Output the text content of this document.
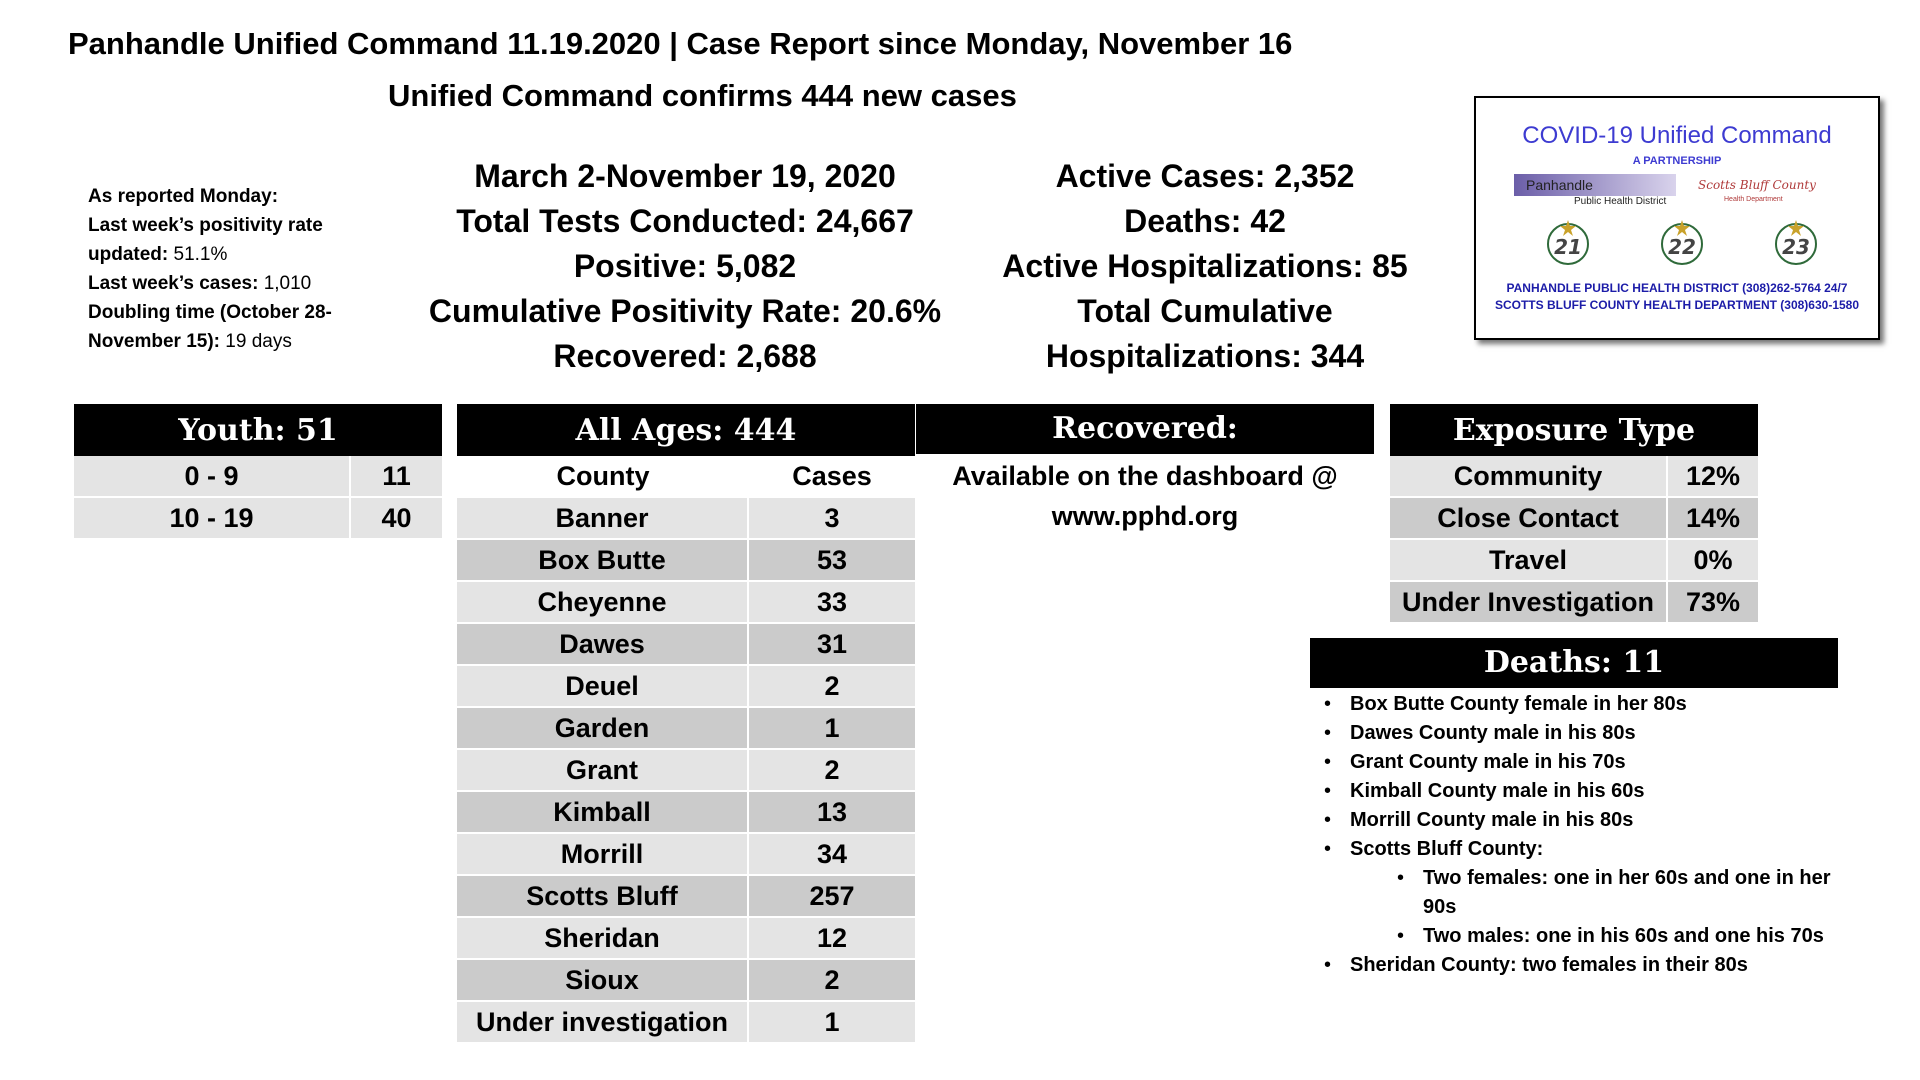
Panhandle Unified Command 11.19.2020 | Case Report since Monday, November 16
Unified Command confirms 444 new cases
As reported Monday:
Last week’s positivity rate updated: 51.1%
Last week’s cases: 1,010
Doubling time (October 28-November 15): 19 days
March 2-November 19, 2020
Total Tests Conducted: 24,667
Positive: 5,082
Cumulative Positivity Rate: 20.6%
Recovered: 2,688
Active Cases: 2,352
Deaths: 42
Active Hospitalizations: 85
Total Cumulative
Hospitalizations: 344
COVID-19 Unified Command
A PARTNERSHIP
Panhandle
Public Health District
Scotts Bluff County
Health Department
21	22	23
PANHANDLE PUBLIC HEALTH DISTRICT (308)262-5764 24/7
SCOTTS BLUFF COUNTY HEALTH DEPARTMENT (308)630-1580
Youth: 51	
0 - 9	11
10 - 19	40
All Ages: 444	
County	Cases
Banner	3
Box Butte	53
Cheyenne	33
Dawes	31
Deuel	2
Garden	1
Grant	2
Kimball	13
Morrill	34
Scotts Bluff	257
Sheridan	12
Sioux	2
Under investigation	1
Recovered:
Available on the dashboard @
www.pphd.org
Exposure Type	
Community	12%
Close Contact	14%
Travel	0%
Under Investigation	73%
Deaths: 11
• Box Butte County female in her 80s
• Dawes County male in his 80s
• Grant County male in his 70s
• Kimball County male in his 60s
• Morrill County male in his 80s
• Scotts Bluff County:
• Two females: one in her 60s and one in her 90s
• Two males: one in his 60s and one his 70s
• Sheridan County: two females in their 80s
